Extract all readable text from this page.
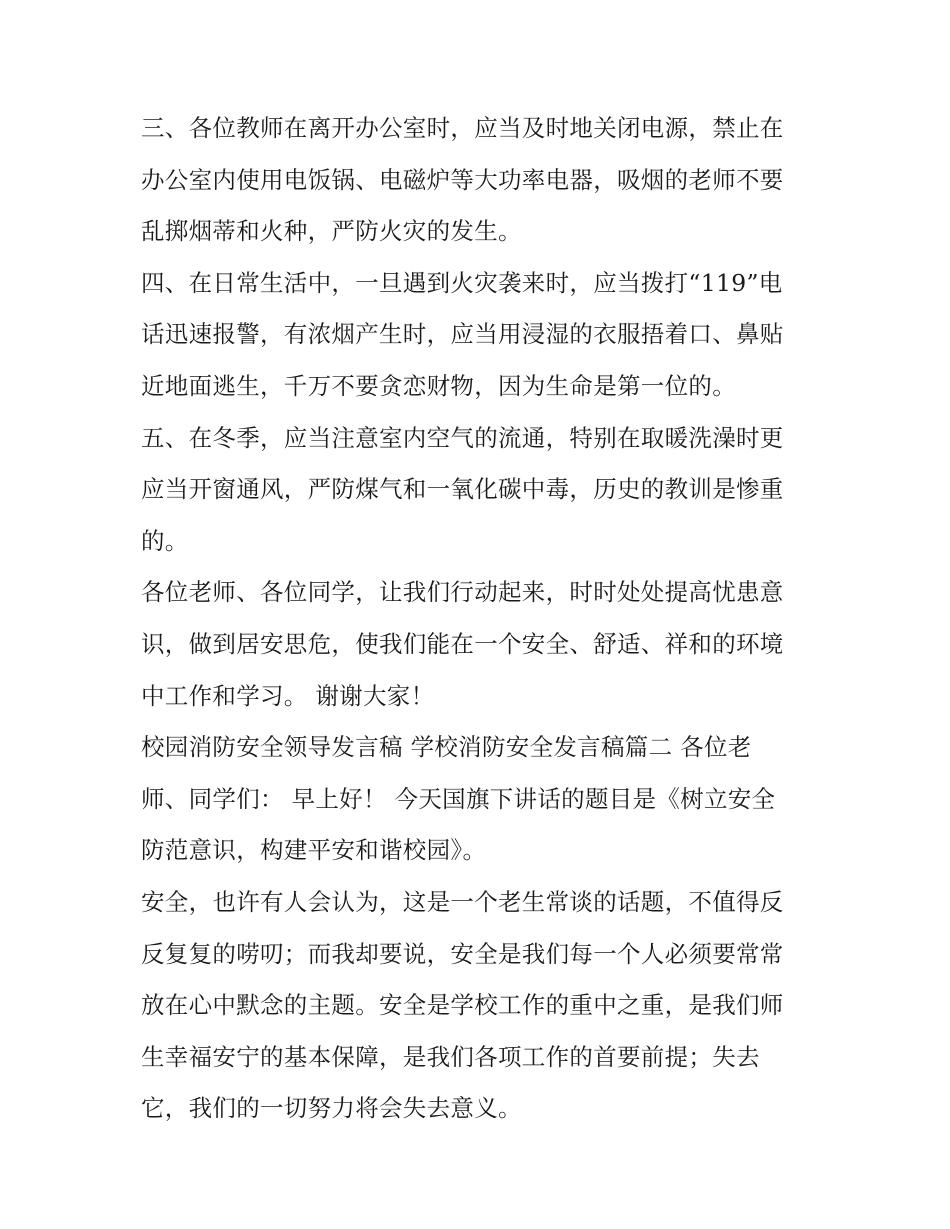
三、各位教师在离开办公室时，应当及时地关闭电源，禁止在
办公室内使用电饭锅、电磁炉等大功率电器，吸烟的老师不要
乱掷烟蒂和火种，严防火灾的发生。
四、在日常生活中，一旦遇到火灾袭来时，应当拨打“119”电
话迅速报警，有浓烟产生时，应当用浸湿的衣服捂着口、鼻贴
近地面逃生，千万不要贪恋财物，因为生命是第一位的。
五、在冬季，应当注意室内空气的流通，特别在取暖洗澡时更
应当开窗通风，严防煤气和一氧化碳中毒，历史的教训是惨重
的。
各位老师、各位同学，让我们行动起来，时时处处提高忧患意
识，做到居安思危，使我们能在一个安全、舒适、祥和的环境
中工作和学习。 谢谢大家！
校园消防安全领导发言稿 学校消防安全发言稿篇二 各位老
师、同学们： 早上好！ 今天国旗下讲话的题目是《树立安全
防范意识，构建平安和谐校园》。
安全，也许有人会认为，这是一个老生常谈的话题，不值得反
反复复的唠叨；而我却要说，安全是我们每一个人必须要常常
放在心中默念的主题。安全是学校工作的重中之重，是我们师
生幸福安宁的基本保障，是我们各项工作的首要前提；失去
它，我们的一切努力将会失去意义。
